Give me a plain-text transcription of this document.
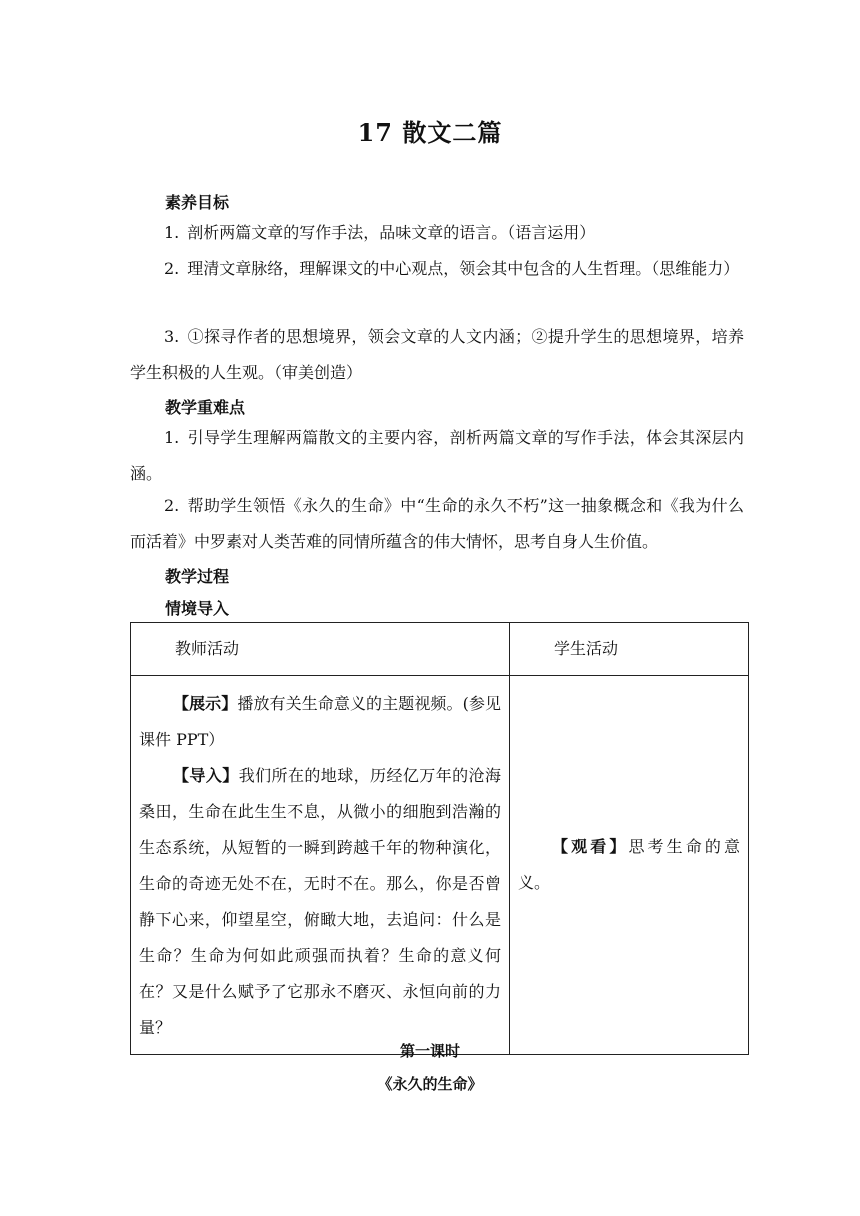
17 散文二篇
素养目标

1. 剖析两篇文章的写作手法，品味文章的语言。（语言运用）

2. 理清文章脉络，理解课文的中心观点，领会其中包含的人生哲理。（思维能力）

3. ①探寻作者的思想境界，领会文章的人文内涵；②提升学生的思想境界，培养学生积极的人生观。（审美创造）

教学重难点

1. 引导学生理解两篇散文的主要内容，剖析两篇文章的写作手法，体会其深层内涵。

2. 帮助学生领悟《永久的生命》中“生命的永久不朽”这一抽象概念和《我为什么而活着》中罗素对人类苦难的同情所蕴含的伟大情怀，思考自身人生价值。

教学过程
情境导入
教师活动	学生活动

【展示】播放有关生命意义的主题视频。(参见课件 PPT）

【导入】我们所在的地球，历经亿万年的沧海桑田，生命在此生生不息，从微小的细胞到浩瀚的生态系统，从短暂的一瞬到跨越千年的物种演化，生命的奇迹无处不在，无时不在。那么，你是否曾静下心来，仰望星空，俯瞰大地，去追问：什么是生命？生命为何如此顽强而执着？生命的意义何在？又是什么赋予了它那永不磨灭、永恒向前的力量？	【观看】思考生命的意义。

第一课时
《永久的生命》
